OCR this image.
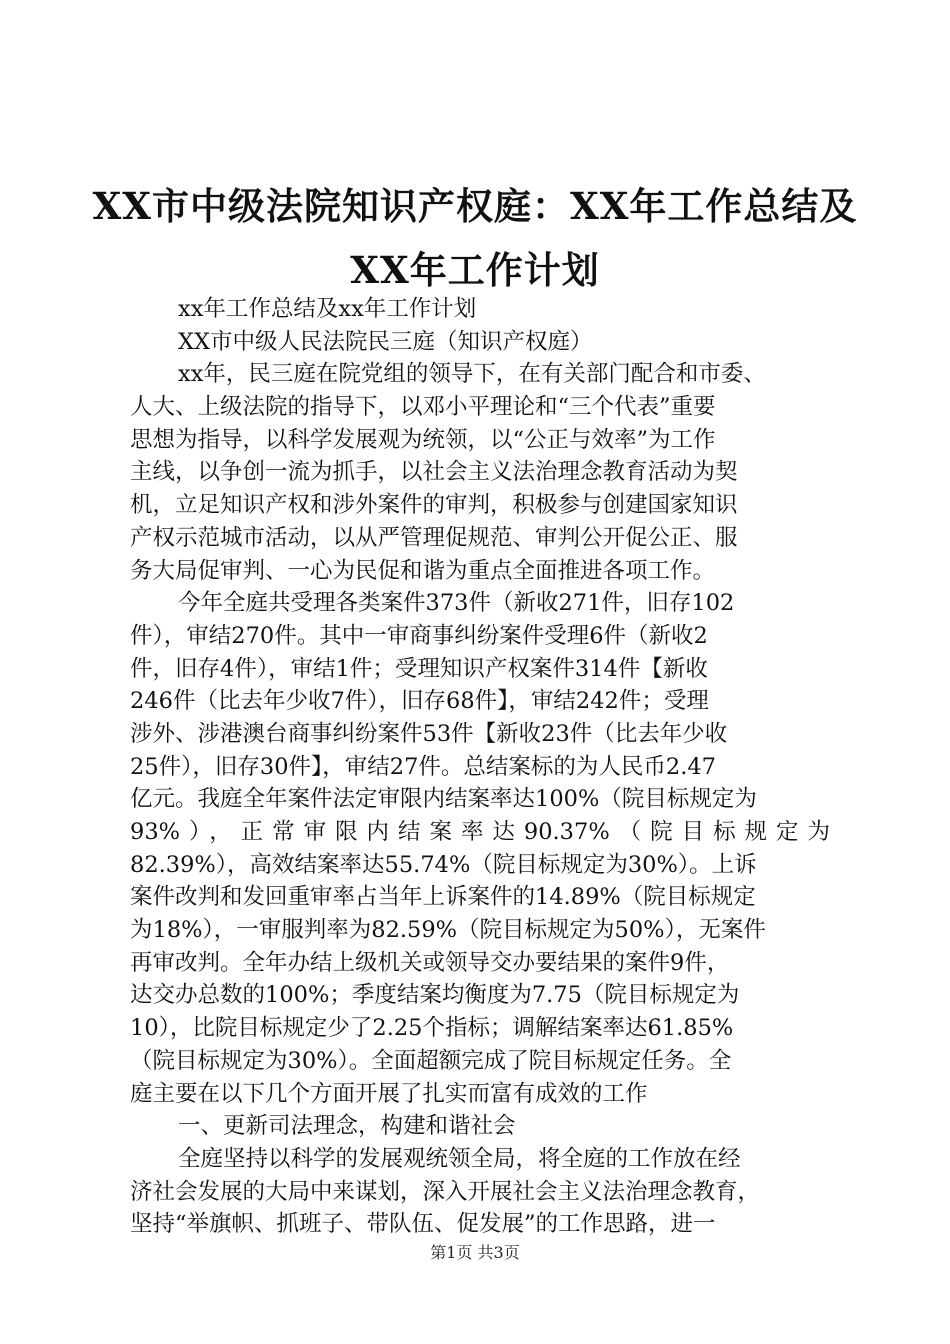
XX市中级法院知识产权庭：XX年工作总结及
XX年工作计划
xx年工作总结及xx年工作计划
XX市中级人民法院民三庭（知识产权庭）
xx年，民三庭在院党组的领导下，在有关部门配合和市委、
人大、上级法院的指导下，以邓小平理论和“三个代表”重要
思想为指导，以科学发展观为统领，以“公正与效率”为工作
主线，以争创一流为抓手，以社会主义法治理念教育活动为契
机，立足知识产权和涉外案件的审判，积极参与创建国家知识
产权示范城市活动，以从严管理促规范、审判公开促公正、服
务大局促审判、一心为民促和谐为重点全面推进各项工作。
今年全庭共受理各类案件373件（新收271件，旧存102
件），审结270件。其中一审商事纠纷案件受理6件（新收2
件，旧存4件），审结1件；受理知识产权案件314件【新收
246件（比去年少收7件），旧存68件】，审结242件；受理
涉外、涉港澳台商事纠纷案件53件【新收23件（比去年少收
25件），旧存30件】，审结27件。总结案标的为人民币2.47
亿元。我庭全年案件法定审限内结案率达100%（院目标规定为
93%），正常审限内结案率达90.37%（院目标规定为
82.39%），高效结案率达55.74%（院目标规定为30%）。上诉
案件改判和发回重审率占当年上诉案件的14.89%（院目标规定
为18%），一审服判率为82.59%（院目标规定为50%），无案件
再审改判。全年办结上级机关或领导交办要结果的案件9件，
达交办总数的100%；季度结案均衡度为7.75（院目标规定为
10），比院目标规定少了2.25个指标；调解结案率达61.85%
（院目标规定为30%）。全面超额完成了院目标规定任务。全
庭主要在以下几个方面开展了扎实而富有成效的工作
一、更新司法理念，构建和谐社会
全庭坚持以科学的发展观统领全局，将全庭的工作放在经
济社会发展的大局中来谋划，深入开展社会主义法治理念教育，
坚持“举旗帜、抓班子、带队伍、促发展”的工作思路，进一
第1页 共3页
